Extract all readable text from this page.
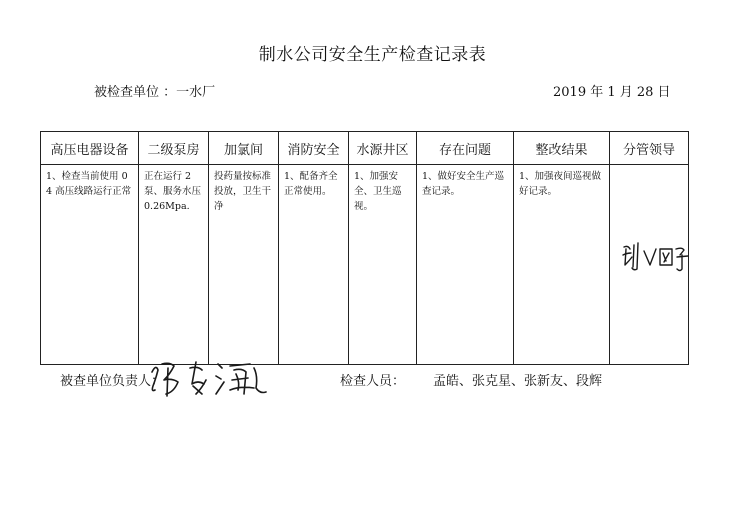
制水公司安全生产检查记录表
被检查单位 ：一水厂	2019 年 1 月 28 日
高压电器设备	二级泵房	加氯间	消防安全	水源井区	存在问题	整改结果	分管领导
1、检查当前使用 04 高压线路运行正常	正在运行 2 泵、服务水压 0.26Mpa.	投药量按标准投放，卫生干净	1、配备齐全正常使用。	1、加强安全、卫生巡视。	1、做好安全生产巡查记录。	1、加强夜间巡视做好记录。	
被查单位负责人：	检查人员： 孟皓、张克星、张新友、段辉
